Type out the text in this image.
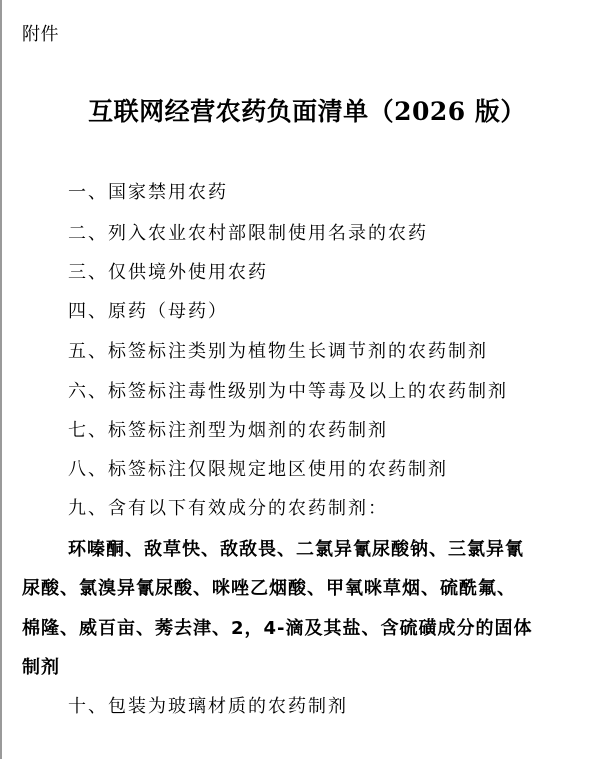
附件
互联网经营农药负面清单（2026 版）
一、国家禁用农药
二、列入农业农村部限制使用名录的农药
三、仅供境外使用农药
四、原药（母药）
五、标签标注类别为植物生长调节剂的农药制剂
六、标签标注毒性级别为中等毒及以上的农药制剂
七、标签标注剂型为烟剂的农药制剂
八、标签标注仅限规定地区使用的农药制剂
九、含有以下有效成分的农药制剂：
环嗪酮、敌草快、敌敌畏、二氯异氰尿酸钠、三氯异氰
尿酸、氯溴异氰尿酸、咪唑乙烟酸、甲氧咪草烟、硫酰氟、
棉隆、威百亩、莠去津、2，4-滴及其盐、含硫磺成分的固体
制剂
十、包装为玻璃材质的农药制剂
